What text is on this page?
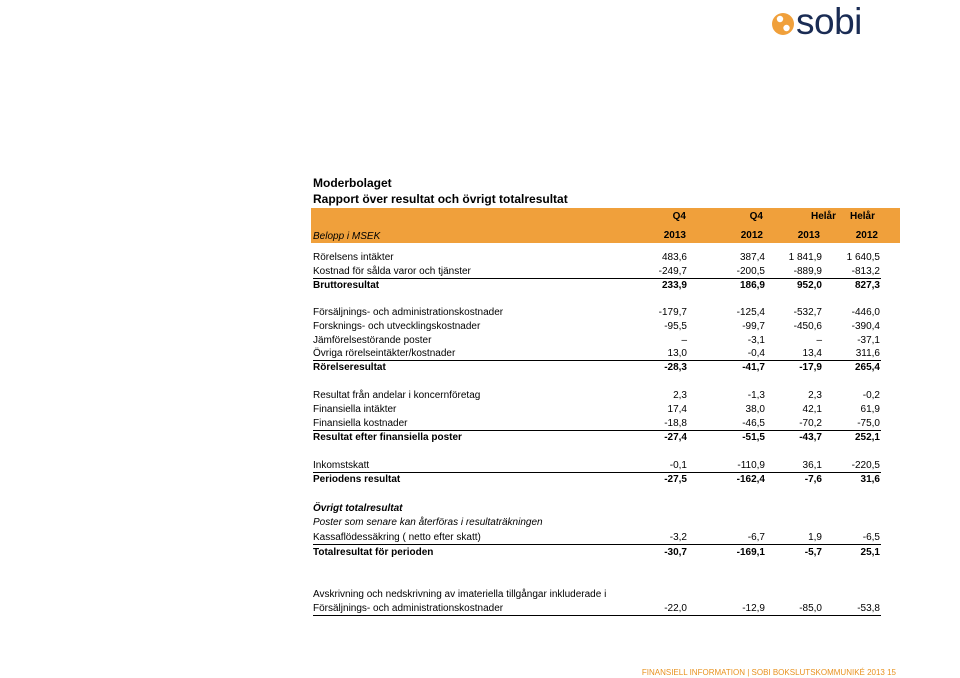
sobi
Moderbolaget
Rapport över resultat och övrigt totalresultat
Belopp i MSEK
Q4	Q4	Helår	Helår
2013	2012	2013	2012
Rörelsens intäkter	483,6	387,4	1 841,9	1 640,5
Kostnad för sålda varor och tjänster	-249,7	-200,5	-889,9	-813,2
Bruttoresultat	233,9	186,9	952,0	827,3
Försäljnings- och administrationskostnader	-179,7	-125,4	-532,7	-446,0
Forsknings- och utvecklingskostnader	-95,5	-99,7	-450,6	-390,4
Jämförelsestörande poster	–	-3,1	–	-37,1
Övriga rörelseintäkter/kostnader	13,0	-0,4	13,4	311,6
Rörelseresultat	-28,3	-41,7	-17,9	265,4
Resultat från andelar i koncernföretag	2,3	-1,3	2,3	-0,2
Finansiella intäkter	17,4	38,0	42,1	61,9
Finansiella kostnader	-18,8	-46,5	-70,2	-75,0
Resultat efter finansiella poster	-27,4	-51,5	-43,7	252,1
Inkomstskatt	-0,1	-110,9	36,1	-220,5
Periodens resultat	-27,5	-162,4	-7,6	31,6
Övrigt totalresultat
Poster som senare kan återföras i resultaträkningen
Kassaflödessäkring ( netto efter skatt)	-3,2	-6,7	1,9	-6,5
Totalresultat för perioden	-30,7	-169,1	-5,7	25,1
Avskrivning och nedskrivning av imateriella tillgångar inkluderade i
Försäljnings- och administrationskostnader	-22,0	-12,9	-85,0	-53,8
FINANSIELL INFORMATION | SOBI BOKSLUTSKOMMUNIKÉ 2013 15
